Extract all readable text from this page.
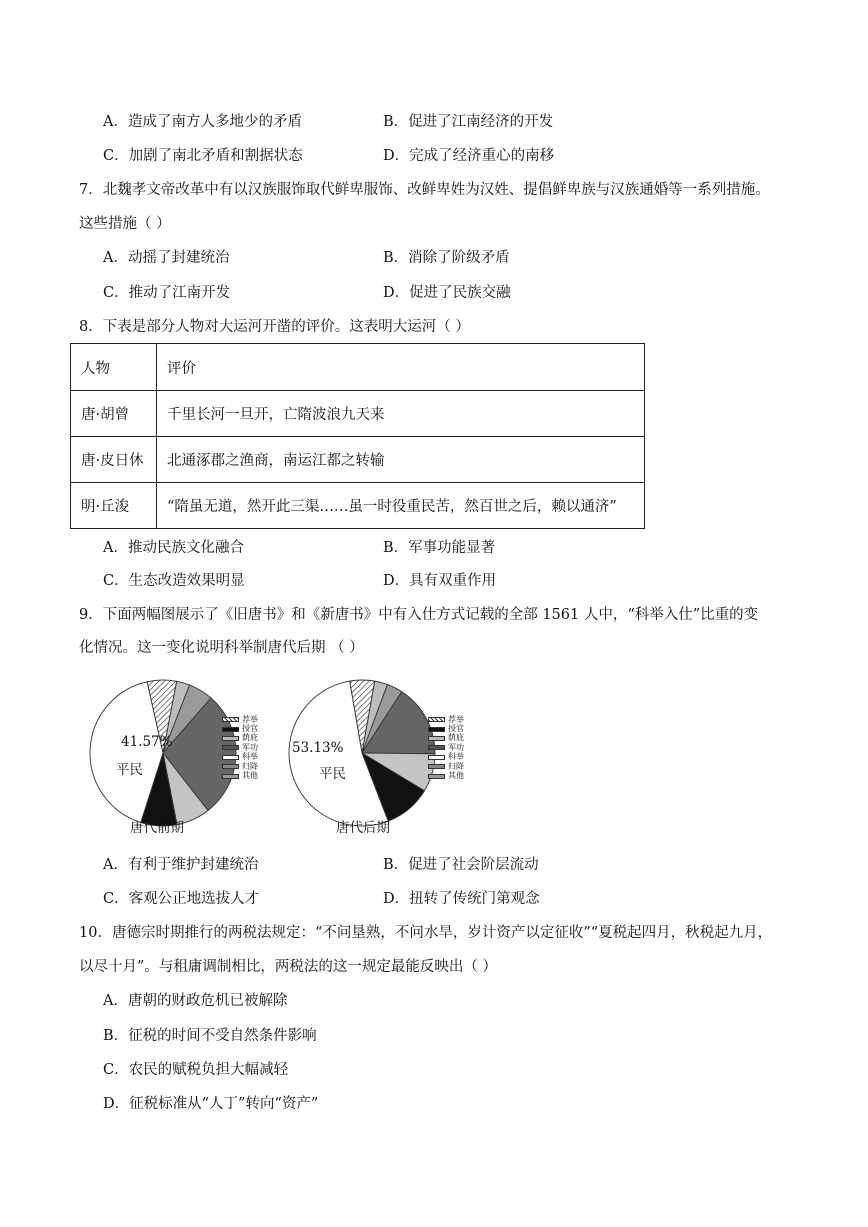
A．造成了南方人多地少的矛盾	B．促进了江南经济的开发
C．加剧了南北矛盾和割据状态	D．完成了经济重心的南移
7．北魏孝文帝改革中有以汉族服饰取代鲜卑服饰、改鲜卑姓为汉姓、提倡鲜卑族与汉族通婚等一系列措施。
这些措施（ ）
A．动摇了封建统治	B．消除了阶级矛盾
C．推动了江南开发	D．促进了民族交融
8．下表是部分人物对大运河开凿的评价。这表明大运河（ ）
人物	评价
唐·胡曾	千里长河一旦开，亡隋波浪九天来
唐·皮日休	北通涿郡之渔商，南运江都之转输
明·丘浚	“隋虽无道，然开此三渠……虽一时役重民苦，然百世之后，赖以通济”
A．推动民族文化融合	B．军事功能显著
C．生态改造效果明显	D．具有双重作用
9．下面两幅图展示了《旧唐书》和《新唐书》中有入仕方式记载的全部 1561 人中，“科举入仕”比重的变
化情况。这一变化说明科举制唐代后期 （ ）
41.57%
平民
荐举
授官
荫庇
军功
科举
归降
其他
唐代前期
53.13%
平民
荐举
授官
荫庇
军功
科举
归降
其他
唐代后期
A．有利于维护封建统治	B．促进了社会阶层流动
C．客观公正地选拔人才	D．扭转了传统门第观念
10．唐德宗时期推行的两税法规定：“不问垦熟，不问水旱，岁计资产以定征收”“夏税起四月，秋税起九月，
以尽十月”。与租庸调制相比，两税法的这一规定最能反映出（ ）
A．唐朝的财政危机已被解除
B．征税的时间不受自然条件影响
C．农民的赋税负担大幅减轻
D．征税标准从“人丁”转向“资产”
